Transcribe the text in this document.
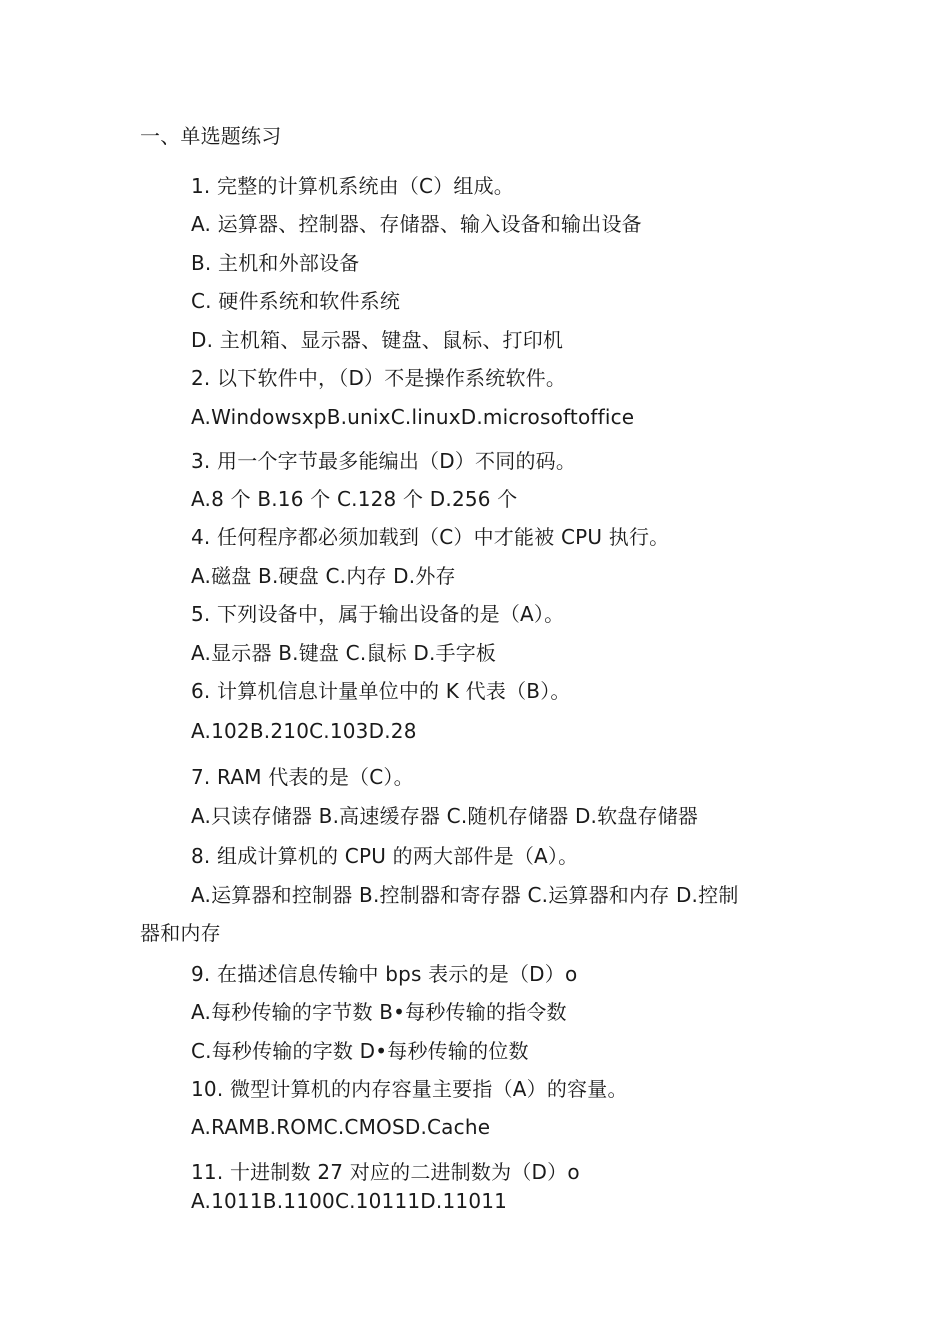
一、单选题练习
1. 完整的计算机系统由（C）组成。
A. 运算器、控制器、存储器、输入设备和输出设备
B. 主机和外部设备
C. 硬件系统和软件系统
D. 主机箱、显示器、键盘、鼠标、打印机
2. 以下软件中，（D）不是操作系统软件。
A.WindowsxpB.unixC.linuxD.microsoftoffice
3. 用一个字节最多能编出（D）不同的码。
A.8 个 B.16 个 C.128 个 D.256 个
4. 任何程序都必须加载到（C）中才能被 CPU 执行。
A.磁盘 B.硬盘 C.内存 D.外存
5. 下列设备中，属于输出设备的是（A）。
A.显示器 B.键盘 C.鼠标 D.手字板
6. 计算机信息计量单位中的 K 代表（B）。
A.102B.210C.103D.28
7. RAM 代表的是（C）。
A.只读存储器 B.高速缓存器 C.随机存储器 D.软盘存储器
8. 组成计算机的 CPU 的两大部件是（A）。
A.运算器和控制器 B.控制器和寄存器 C.运算器和内存 D.控制
器和内存
9. 在描述信息传输中 bps 表示的是（D）o
A.每秒传输的字节数 B•每秒传输的指令数
C.每秒传输的字数 D•每秒传输的位数
10. 微型计算机的内存容量主要指（A）的容量。
A.RAMB.ROMC.CMOSD.Cache
11. 十进制数 27 对应的二进制数为（D）o
A.1011B.1100C.10111D.11011
